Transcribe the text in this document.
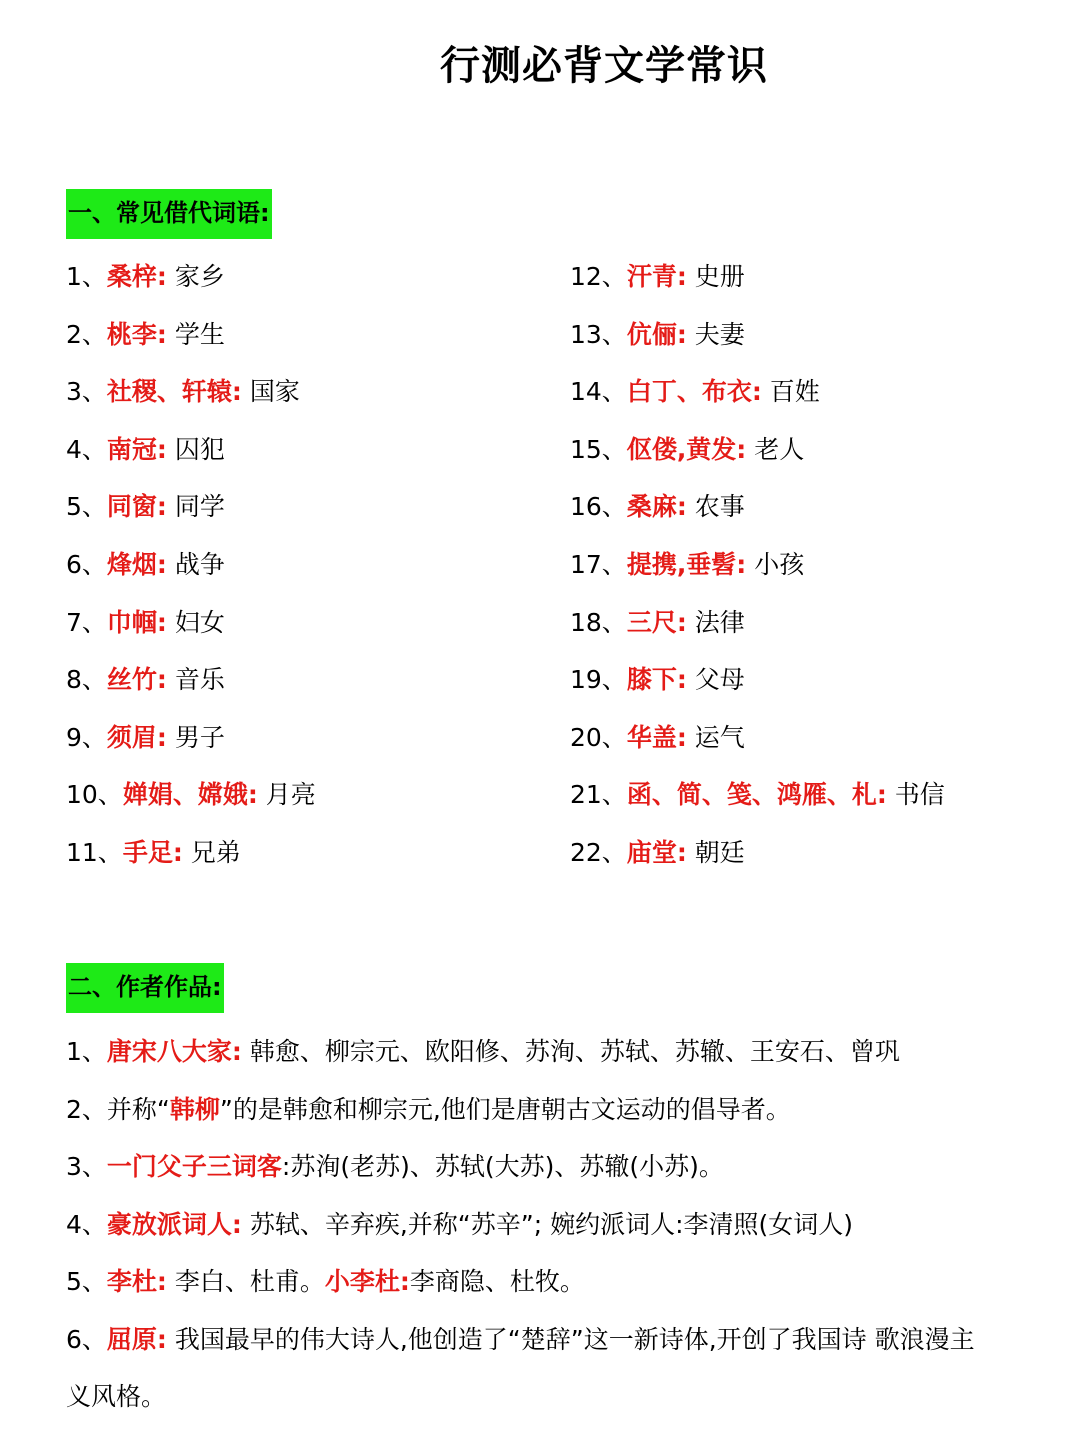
行测必背文学常识
一、常见借代词语:
1、桑梓: 家乡
2、桃李: 学生
3、社稷、轩辕: 国家
4、南冠: 囚犯
5、同窗: 同学
6、烽烟: 战争
7、巾帼: 妇女
8、丝竹: 音乐
9、须眉: 男子
10、婵娟、嫦娥: 月亮
11、手足: 兄弟
12、汗青: 史册
13、伉俪: 夫妻
14、白丁、布衣: 百姓
15、伛偻,黄发: 老人
16、桑麻: 农事
17、提携,垂髫: 小孩
18、三尺: 法律
19、膝下: 父母
20、华盖: 运气
21、函、简、笺、鸿雁、札: 书信
22、庙堂: 朝廷
二、作者作品:
1、唐宋八大家: 韩愈、柳宗元、欧阳修、苏洵、苏轼、苏辙、王安石、曾巩
2、并称“韩柳”的是韩愈和柳宗元,他们是唐朝古文运动的倡导者。
3、一门父子三词客:苏洵(老苏)、苏轼(大苏)、苏辙(小苏)。
4、豪放派词人: 苏轼、辛弃疾,并称“苏辛”; 婉约派词人:李清照(女词人)
5、李杜: 李白、杜甫。小李杜:李商隐、杜牧。
6、屈原: 我国最早的伟大诗人,他创造了“楚辞”这一新诗体,开创了我国诗 歌浪漫主
义风格。
